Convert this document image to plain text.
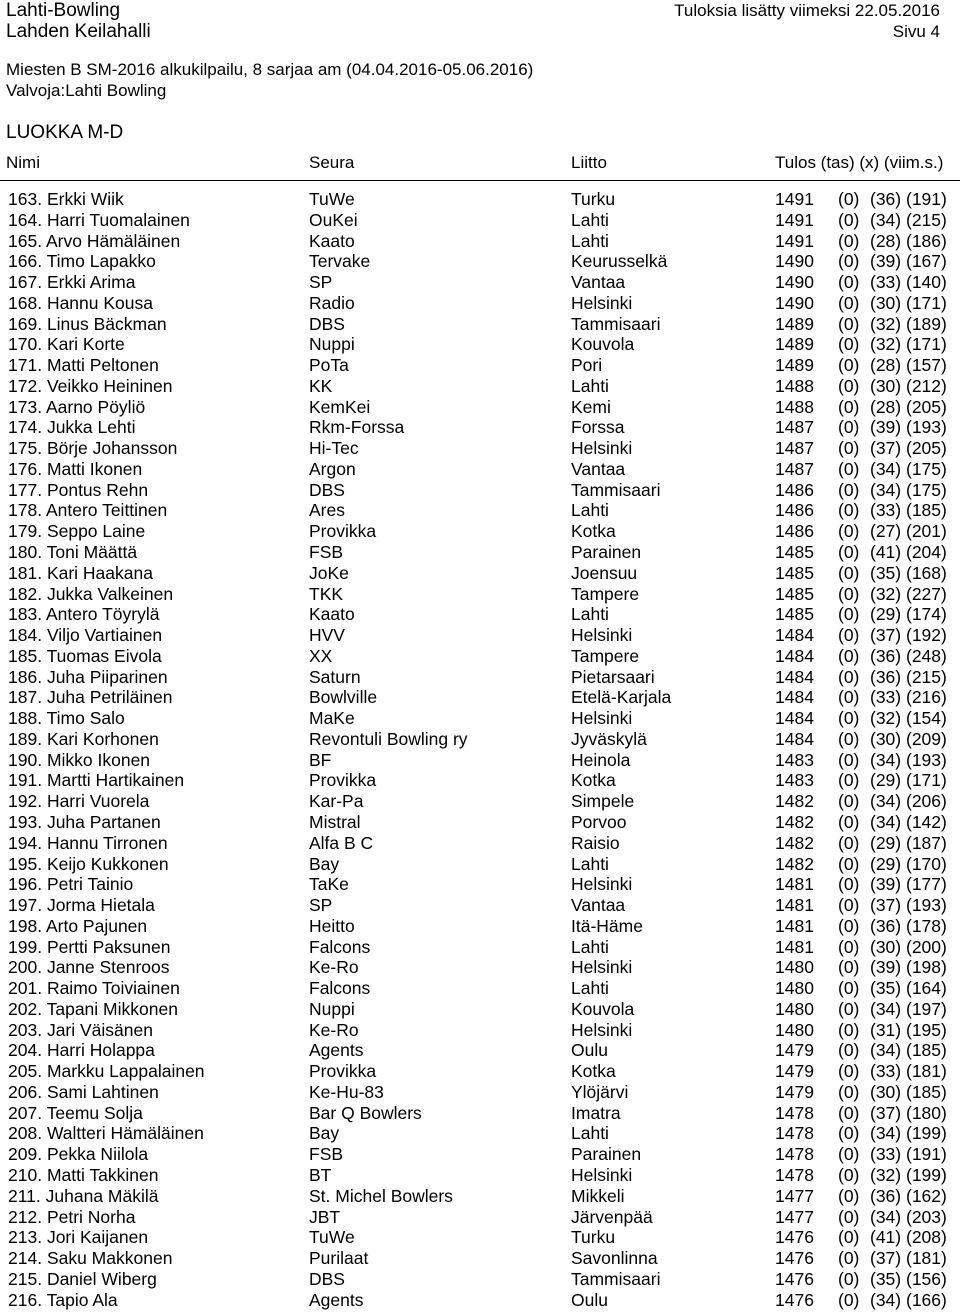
Lahti-Bowling
Lahden Keilahalli
Tuloksia lisätty viimeksi 22.05.2016
Sivu 4
Miesten B SM-2016 alkukilpailu, 8 sarjaa am (04.04.2016-05.06.2016)
Valvoja:Lahti Bowling
LUOKKA M-D
Nimi	Seura	Liitto	Tulos (tas) (x) (viim.s.)
163. Erkki Wiik	TuWe	Turku	1491 (0) (36) (191)
164. Harri Tuomalainen	OuKei	Lahti	1491 (0) (34) (215)
165. Arvo Hämäläinen	Kaato	Lahti	1491 (0) (28) (186)
166. Timo Lapakko	Tervake	Keurusselkä	1490 (0) (39) (167)
167. Erkki Arima	SP	Vantaa	1490 (0) (33) (140)
168. Hannu Kousa	Radio	Helsinki	1490 (0) (30) (171)
169. Linus Bäckman	DBS	Tammisaari	1489 (0) (32) (189)
170. Kari Korte	Nuppi	Kouvola	1489 (0) (32) (171)
171. Matti Peltonen	PoTa	Pori	1489 (0) (28) (157)
172. Veikko Heininen	KK	Lahti	1488 (0) (30) (212)
173. Aarno Pöyliö	KemKei	Kemi	1488 (0) (28) (205)
174. Jukka Lehti	Rkm-Forssa	Forssa	1487 (0) (39) (193)
175. Börje Johansson	Hi-Tec	Helsinki	1487 (0) (37) (205)
176. Matti Ikonen	Argon	Vantaa	1487 (0) (34) (175)
177. Pontus Rehn	DBS	Tammisaari	1486 (0) (34) (175)
178. Antero Teittinen	Ares	Lahti	1486 (0) (33) (185)
179. Seppo Laine	Provikka	Kotka	1486 (0) (27) (201)
180. Toni Määttä	FSB	Parainen	1485 (0) (41) (204)
181. Kari Haakana	JoKe	Joensuu	1485 (0) (35) (168)
182. Jukka Valkeinen	TKK	Tampere	1485 (0) (32) (227)
183. Antero Töyrylä	Kaato	Lahti	1485 (0) (29) (174)
184. Viljo Vartiainen	HVV	Helsinki	1484 (0) (37) (192)
185. Tuomas Eivola	XX	Tampere	1484 (0) (36) (248)
186. Juha Piiparinen	Saturn	Pietarsaari	1484 (0) (36) (215)
187. Juha Petriläinen	Bowlville	Etelä-Karjala	1484 (0) (33) (216)
188. Timo Salo	MaKe	Helsinki	1484 (0) (32) (154)
189. Kari Korhonen	Revontuli Bowling ry	Jyväskylä	1484 (0) (30) (209)
190. Mikko Ikonen	BF	Heinola	1483 (0) (34) (193)
191. Martti Hartikainen	Provikka	Kotka	1483 (0) (29) (171)
192. Harri Vuorela	Kar-Pa	Simpele	1482 (0) (34) (206)
193. Juha Partanen	Mistral	Porvoo	1482 (0) (34) (142)
194. Hannu Tirronen	Alfa B C	Raisio	1482 (0) (29) (187)
195. Keijo Kukkonen	Bay	Lahti	1482 (0) (29) (170)
196. Petri Tainio	TaKe	Helsinki	1481 (0) (39) (177)
197. Jorma Hietala	SP	Vantaa	1481 (0) (37) (193)
198. Arto Pajunen	Heitto	Itä-Häme	1481 (0) (36) (178)
199. Pertti Paksunen	Falcons	Lahti	1481 (0) (30) (200)
200. Janne Stenroos	Ke-Ro	Helsinki	1480 (0) (39) (198)
201. Raimo Toiviainen	Falcons	Lahti	1480 (0) (35) (164)
202. Tapani Mikkonen	Nuppi	Kouvola	1480 (0) (34) (197)
203. Jari Väisänen	Ke-Ro	Helsinki	1480 (0) (31) (195)
204. Harri Holappa	Agents	Oulu	1479 (0) (34) (185)
205. Markku Lappalainen	Provikka	Kotka	1479 (0) (33) (181)
206. Sami Lahtinen	Ke-Hu-83	Ylöjärvi	1479 (0) (30) (185)
207. Teemu Solja	Bar Q Bowlers	Imatra	1478 (0) (37) (180)
208. Waltteri Hämäläinen	Bay	Lahti	1478 (0) (34) (199)
209. Pekka Niilola	FSB	Parainen	1478 (0) (33) (191)
210. Matti Takkinen	BT	Helsinki	1478 (0) (32) (199)
211. Juhana Mäkilä	St. Michel Bowlers	Mikkeli	1477 (0) (36) (162)
212. Petri Norha	JBT	Järvenpää	1477 (0) (34) (203)
213. Jori Kaijanen	TuWe	Turku	1476 (0) (41) (208)
214. Saku Makkonen	Purilaat	Savonlinna	1476 (0) (37) (181)
215. Daniel Wiberg	DBS	Tammisaari	1476 (0) (35) (156)
216. Tapio Ala	Agents	Oulu	1476 (0) (34) (166)
